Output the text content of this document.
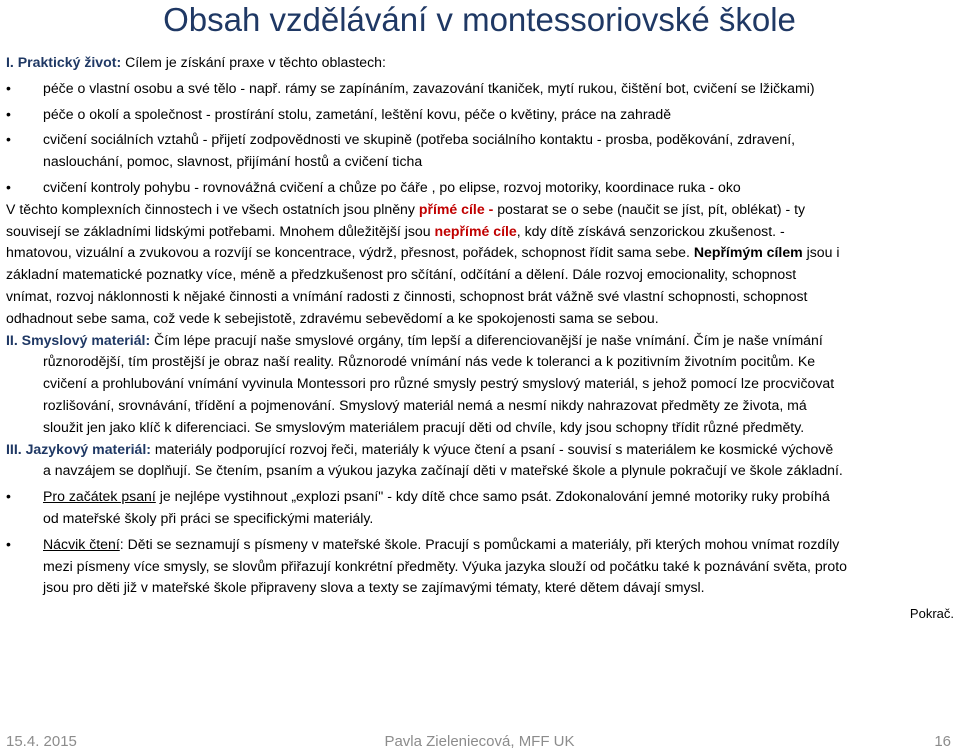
Obsah vzdělávání v montessoriovské škole
I. Praktický život: Cílem je získání praxe v těchto oblastech:
• péče o vlastní osobu a své tělo - např. rámy se zapínáním, zavazování tkaniček, mytí rukou, čištění bot, cvičení se lžičkami)
• péče o okolí a společnost - prostírání stolu, zametání, leštění kovu, péče o květiny, práce na zahradě
• cvičení sociálních vztahů - přijetí zodpovědnosti ve skupině (potřeba sociálního kontaktu - prosba, poděkování, zdravení,
naslouchání, pomoc, slavnost, přijímání hostů a cvičení ticha
• cvičení kontroly pohybu - rovnovážná cvičení a chůze po čáře , po elipse, rozvoj motoriky, koordinace ruka - oko
V těchto komplexních činnostech i ve všech ostatních jsou plněny přímé cíle - postarat se o sebe (naučit se jíst, pít, oblékat) - ty
souvisejí se základními lidskými potřebami. Mnohem důležitější jsou nepřímé cíle, kdy dítě získává senzorickou zkušenost. -
hmatovou, vizuální a zvukovou a rozvíjí se koncentrace, výdrž, přesnost, pořádek, schopnost řídit sama sebe. Nepřímým cílem jsou i
základní matematické poznatky více, méně a předzkušenost pro sčítání, odčítání a dělení. Dále rozvoj emocionality, schopnost
vnímat, rozvoj náklonnosti k nějaké činnosti a vnímání radosti z činnosti, schopnost brát vážně své vlastní schopnosti, schopnost
odhadnout sebe sama, což vede k sebejistotě, zdravému sebevědomí a ke spokojenosti sama se sebou.
II. Smyslový materiál: Čím lépe pracují naše smyslové orgány, tím lepší a diferenciovanější je naše vnímání. Čím je naše vnímání
různorodější, tím prostější je obraz naší reality. Různorodé vnímání nás vede k toleranci a k pozitivním životním pocitům. Ke
cvičení a prohlubování vnímání vyvinula Montessori pro různé smysly pestrý smyslový materiál, s jehož pomocí lze procvičovat
rozlišování, srovnávání, třídění a pojmenování. Smyslový materiál nemá a nesmí nikdy nahrazovat předměty ze života, má
sloužit jen jako klíč k diferenciaci. Se smyslovým materiálem pracují děti od chvíle, kdy jsou schopny třídit různé předměty.
III. Jazykový materiál: materiály podporující rozvoj řeči, materiály k výuce čtení a psaní - souvisí s materiálem ke kosmické výchově
a navzájem se doplňují. Se čtením, psaním a výukou jazyka začínají děti v mateřské škole a plynule pokračují ve škole základní.
• Pro začátek psaní je nejlépe vystihnout „explozi psaní" - kdy dítě chce samo psát. Zdokonalování jemné motoriky ruky probíhá
od mateřské školy při práci se specifickými materiály.
• Nácvik čtení: Děti se seznamují s písmeny v mateřské škole. Pracují s pomůckami a materiály, při kterých mohou vnímat rozdíly
mezi písmeny více smysly, se slovům přiřazují konkrétní předměty. Výuka jazyka slouží od počátku také k poznávání světa, proto
jsou pro děti již v mateřské škole připraveny slova a texty se zajímavými tématy, které dětem dávají smysl.
Pokrač.
15.4. 2015	Pavla Zieleniecová, MFF UK	16
